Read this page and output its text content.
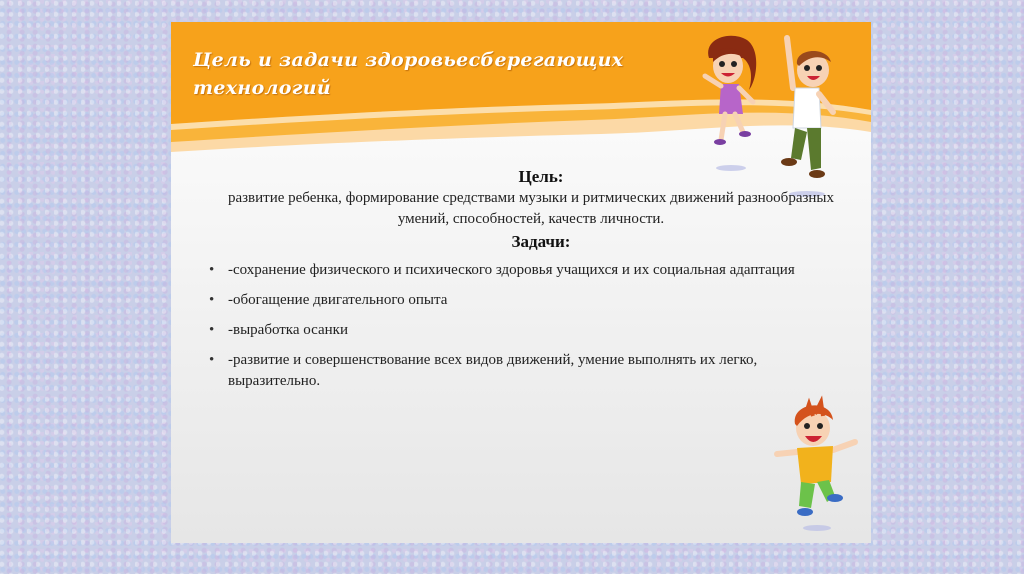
Цель и задачи здоровьесберегающих технологий
Цель:
развитие ребенка, формирование средствами музыки и ритмических движений разнообразных умений, способностей, качеств личности.
Задачи:
• -сохранение физического и психического здоровья учащихся и их социальная адаптация
• -обогащение двигательного опыта
• -выработка осанки
• -развитие и совершенствование всех видов движений, умение выполнять их легко, выразительно.
